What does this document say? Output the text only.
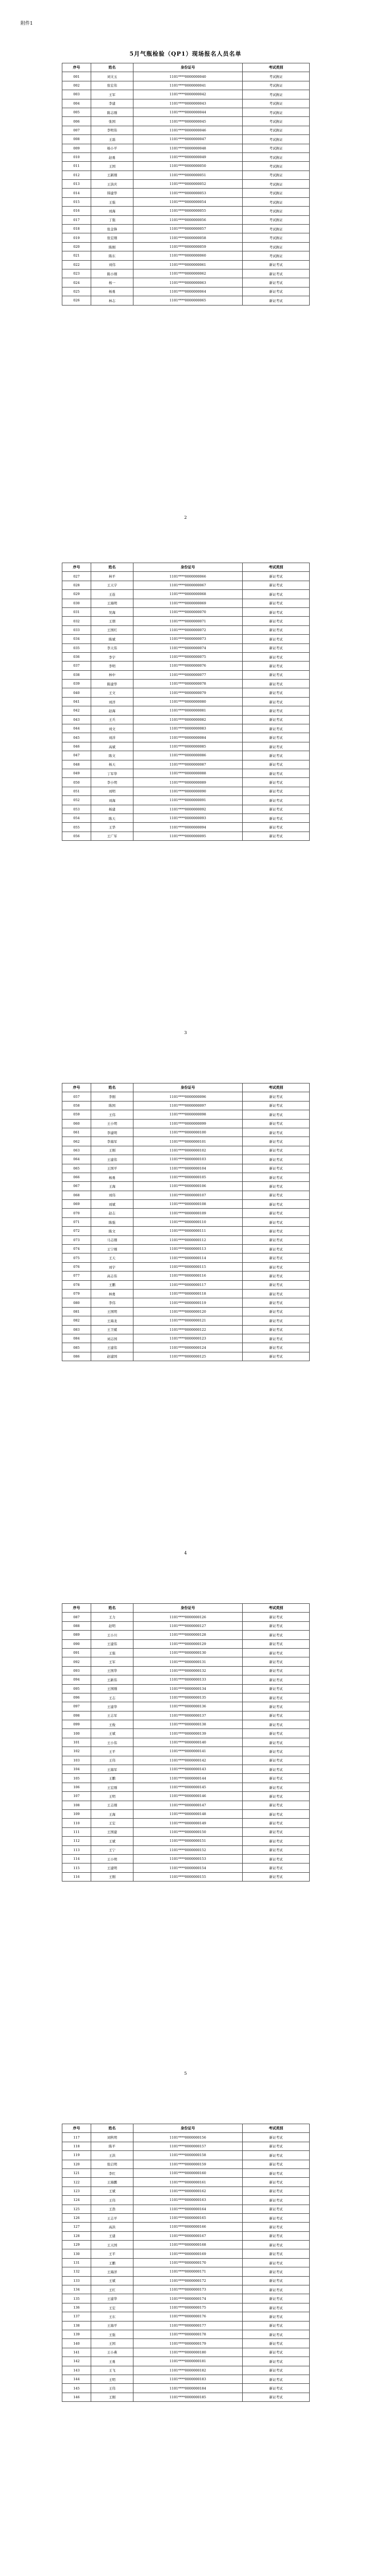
附件1
5月气瓶检验（QP1）现场报名人员名单
序号	姓名	身份证号	考试类别
001	刘文玉	1101****0000000040	考试换证
002	张宏伟	1101****0000000041	考试换证
003	王军	1101****0000000042	考试换证
004	李建	1101****0000000043	考试换证
005	陈志刚	1101****0000000044	考试换证
006	张国	1101****0000000045	考试换证
007	李明伟	1101****0000000046	考试换证
008	王磊	1101****0000000047	考试换证
009	杨小平	1101****0000000048	考试换证
010	赵勇	1101****0000000049	考试换证
011	王国	1101****0000000050	考试换证
012	王新刚	1101****0000000051	考试换证
013	王洪庆	1101****0000000052	考试换证
014	韩建华	1101****0000000053	考试换证
015	王强	1101****0000000054	考试换证
016	刘海	1101****0000000055	考试换证
017	丁强	1101****0000000056	考试换证
018	张金锋	1101****0000000057	考试换证
019	张宏刚	1101****0000000058	考试换证
020	陈刚	1101****0000000059	考试换证
021	陈东	1101****0000000060	考试换证
022	刘伟	1101****0000000061	新证考试
023	陈小刚	1101****0000000062	新证考试
024	杨一	1101****0000000063	新证考试
025	杨勇	1101****0000000064	新证考试
026	林志	1101****0000000065	新证考试
2
序号	姓名	身份证号	考试类别
027	林平	1101****0000000066	新证考试
028	王天宇	1101****0000000067	新证考试
029	王连	1101****0000000068	新证考试
030	王海明	1101****0000000069	新证考试
031	吴海	1101****0000000070	新证考试
032	王朋	1101****0000000071	新证考试
033	王国红	1101****0000000072	新证考试
034	陈斌	1101****0000000073	新证考试
035	李天伟	1101****0000000074	新证考试
036	李宇	1101****0000000075	新证考试
037	李明	1101****0000000076	新证考试
038	林中	1101****0000000077	新证考试
039	陈建华	1101****0000000078	新证考试
040	王文	1101****0000000079	新证考试
041	刘洋	1101****0000000080	新证考试
042	赵海	1101****0000000081	新证考试
043	王兵	1101****0000000082	新证考试
044	刘文	1101****0000000083	新证考试
045	刘洋	1101****0000000084	新证考试
046	高斌	1101****0000000085	新证考试
047	陈文	1101****0000000086	新证考试
048	杨天	1101****0000000087	新证考试
049	丁军华	1101****0000000088	新证考试
050	李小明	1101****0000000089	新证考试
051	刘明	1101****0000000090	新证考试
052	刘海	1101****0000000091	新证考试
053	杨建	1101****0000000092	新证考试
054	陈天	1101****0000000093	新证考试
055	王华	1101****0000000094	新证考试
056	王广军	1101****0000000095	新证考试
3
序号	姓名	身份证号	考试类别
057	李刚	1101****0000000096	新证考试
058	陈国	1101****0000000097	新证考试
059	王伟	1101****0000000098	新证考试
060	王小明	1101****0000000099	新证考试
061	李建明	1101****0000000100	新证考试
062	李海军	1101****0000000101	新证考试
063	王刚	1101****0000000102	新证考试
064	王建伟	1101****0000000103	新证考试
065	王国平	1101****0000000104	新证考试
066	杨勇	1101****0000000105	新证考试
067	王海	1101****0000000106	新证考试
068	刘伟	1101****0000000107	新证考试
069	刘斌	1101****0000000108	新证考试
070	赵志	1101****0000000109	新证考试
071	陈强	1101****0000000110	新证考试
072	陈文	1101****0000000111	新证考试
073	马志刚	1101****0000000112	新证考试
074	王宁刚	1101****0000000113	新证考试
075	王天	1101****0000000114	新证考试
076	刘宇	1101****0000000115	新证考试
077	高志伟	1101****0000000116	新证考试
078	王鹏	1101****0000000117	新证考试
079	林勇	1101****0000000118	新证考试
080	李伟	1101****0000000119	新证考试
081	王国明	1101****0000000120	新证考试
082	王海龙	1101****0000000121	新证考试
083	王卫斌	1101****0000000122	新证考试
084	刘志国	1101****0000000123	新证考试
085	王建伟	1101****0000000124	新证考试
086	赵建国	1101****0000000125	新证考试
4
序号	姓名	身份证号	考试类别
087	王力	1101****0000000126	新证考试
088	赵明	1101****0000000127	新证考试
089	王小川	1101****0000000128	新证考试
090	王建伟	1101****0000000129	新证考试
091	王强	1101****0000000130	新证考试
092	王军	1101****0000000131	新证考试
093	王国华	1101****0000000132	新证考试
094	王新伟	1101****0000000133	新证考试
095	王国刚	1101****0000000134	新证考试
096	王志	1101****0000000135	新证考试
097	王建华	1101****0000000136	新证考试
098	王志军	1101****0000000137	新证考试
099	王俊	1101****0000000138	新证考试
100	王斌	1101****0000000139	新证考试
101	王小伟	1101****0000000140	新证考试
102	王平	1101****0000000141	新证考试
103	王伟	1101****0000000142	新证考试
104	王海军	1101****0000000143	新证考试
105	王鹏	1101****0000000144	新证考试
106	王宏刚	1101****0000000145	新证考试
107	王明	1101****0000000146	新证考试
108	王志刚	1101****0000000147	新证考试
109	王海	1101****0000000148	新证考试
110	王宏	1101****0000000149	新证考试
111	王国建	1101****0000000150	新证考试
112	王斌	1101****0000000151	新证考试
113	王宁	1101****0000000152	新证考试
114	王小明	1101****0000000153	新证考试
115	王建明	1101****0000000154	新证考试
116	王刚	1101****0000000155	新证考试
5
序号	姓名	身份证号	考试类别
117	刘秋明	1101****0000000156	新证考试
118	陈平	1101****0000000157	新证考试
119	王洪	1101****0000000158	新证考试
120	张启明	1101****0000000159	新证考试
121	李红	1101****0000000160	新证考试
122	王海鹏	1101****0000000161	新证考试
123	王斌	1101****0000000162	新证考试
124	王伟	1101****0000000163	新证考试
125	王浩	1101****0000000164	新证考试
126	王志平	1101****0000000165	新证考试
127	高洪	1101****0000000166	新证考试
128	王建	1101****0000000167	新证考试
129	王天国	1101****0000000168	新证考试
130	王平	1101****0000000169	新证考试
131	王鹏	1101****0000000170	新证考试
132	王海洋	1101****0000000171	新证考试
133	王斌	1101****0000000172	新证考试
134	王红	1101****0000000173	新证考试
135	王建华	1101****0000000174	新证考试
136	王宏	1101****0000000175	新证考试
137	王东	1101****0000000176	新证考试
138	王海平	1101****0000000177	新证考试
139	王强	1101****0000000178	新证考试
140	王国	1101****0000000179	新证考试
141	王小燕	1101****0000000180	新证考试
142	王勇	1101****0000000181	新证考试
143	王飞	1101****0000000182	新证考试
144	王明	1101****0000000183	新证考试
145	王伟	1101****0000000184	新证考试
146	王刚	1101****0000000185	新证考试
